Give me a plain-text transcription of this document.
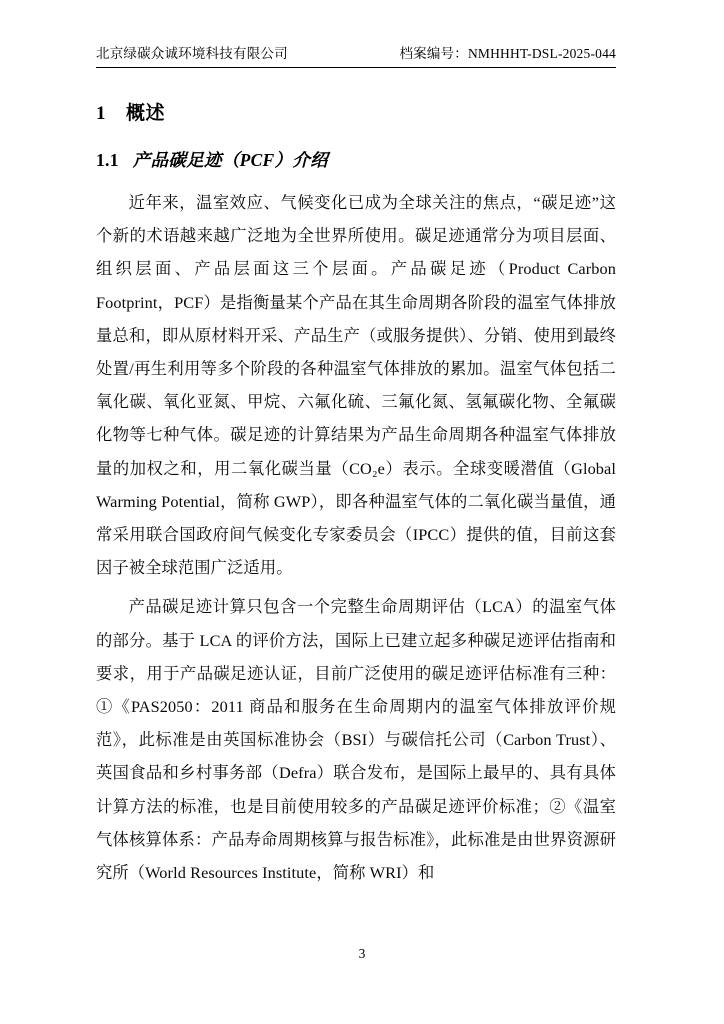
北京绿碳众诚环境科技有限公司	档案编号：NMHHHT-DSL-2025-044
1 概述
1.1 产品碳足迹（PCF）介绍

近年来，温室效应、气候变化已成为全球关注的焦点，“碳足迹”这个新的术语越来越广泛地为全世界所使用。碳足迹通常分为项目层面、组织层面、产品层面这三个层面。产品碳足迹（Product Carbon Footprint，PCF）是指衡量某个产品在其生命周期各阶段的温室气体排放量总和，即从原材料开采、产品生产（或服务提供）、分销、使用到最终处置/再生利用等多个阶段的各种温室气体排放的累加。温室气体包括二氧化碳、氧化亚氮、甲烷、六氟化硫、三氟化氮、氢氟碳化物、全氟碳化物等七种气体。碳足迹的计算结果为产品生命周期各种温室气体排放量的加权之和，用二氧化碳当量（CO₂e）表示。全球变暖潜值（Global Warming Potential，简称 GWP），即各种温室气体的二氧化碳当量值，通常采用联合国政府间气候变化专家委员会（IPCC）提供的值，目前这套因子被全球范围广泛适用。

产品碳足迹计算只包含一个完整生命周期评估（LCA）的温室气体的部分。基于 LCA 的评价方法，国际上已建立起多种碳足迹评估指南和要求，用于产品碳足迹认证，目前广泛使用的碳足迹评估标准有三种：①《PAS2050：2011 商品和服务在生命周期内的温室气体排放评价规范》，此标准是由英国标准协会（BSI）与碳信托公司（Carbon Trust）、英国食品和乡村事务部（Defra）联合发布，是国际上最早的、具有具体计算方法的标准，也是目前使用较多的产品碳足迹评价标准；②《温室气体核算体系：产品寿命周期核算与报告标准》，此标准是由世界资源研究所（World Resources Institute，简称 WRI）和

3
